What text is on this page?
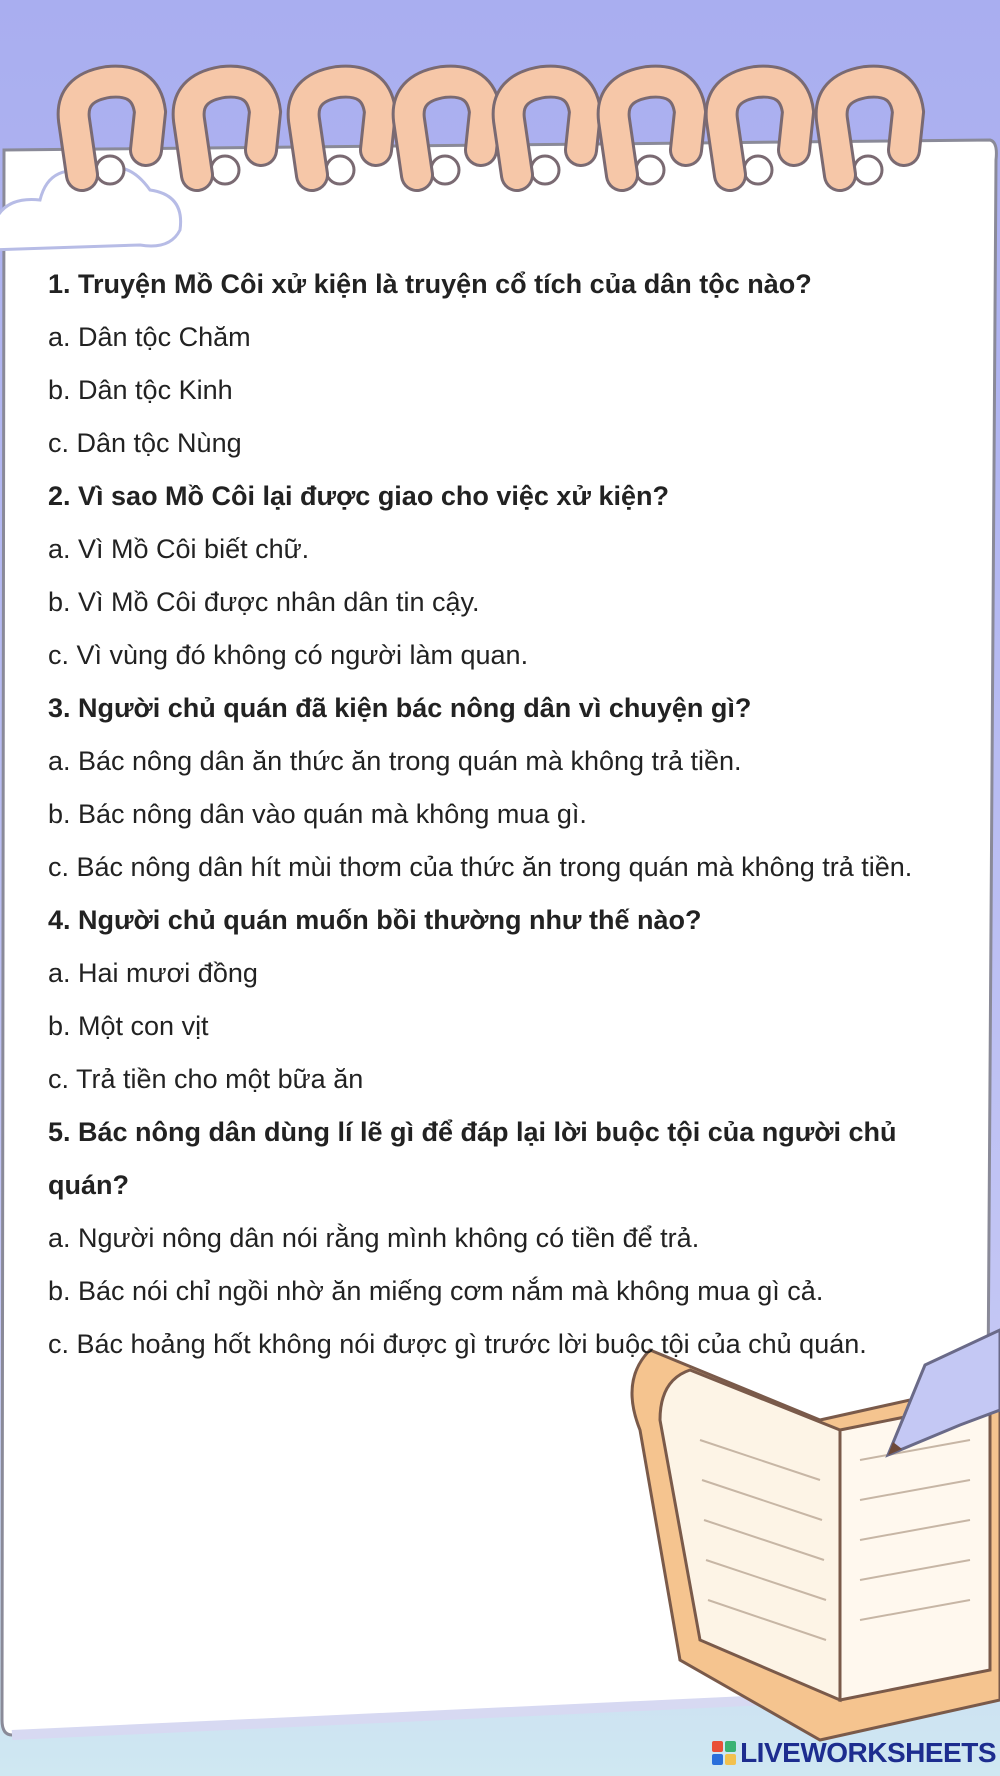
1. Truyện Mồ Côi xử kiện là truyện cổ tích của dân tộc nào?
a. Dân tộc Chăm
b. Dân tộc Kinh
c. Dân tộc Nùng
2. Vì sao Mồ Côi lại được giao cho việc xử kiện?
a. Vì Mồ Côi biết chữ.
b. Vì Mồ Côi được nhân dân tin cậy.
c. Vì vùng đó không có người làm quan.
3. Người chủ quán đã kiện bác nông dân vì chuyện gì?
a. Bác nông dân ăn thức ăn trong quán mà không trả tiền.
b. Bác nông dân vào quán mà không mua gì.
c. Bác nông dân hít mùi thơm của thức ăn trong quán mà không trả tiền.
4. Người chủ quán muốn bồi thường như thế nào?
a. Hai mươi đồng
b. Một con vịt
c. Trả tiền cho một bữa ăn
5. Bác nông dân dùng lí lẽ gì để đáp lại lời buộc tội của người chủ quán?
a. Người nông dân nói rằng mình không có tiền để trả.
b. Bác nói chỉ ngồi nhờ ăn miếng cơm nắm mà không mua gì cả.
c. Bác hoảng hốt không nói được gì trước lời buộc tội của chủ quán.
LIVEWORKSHEETS
